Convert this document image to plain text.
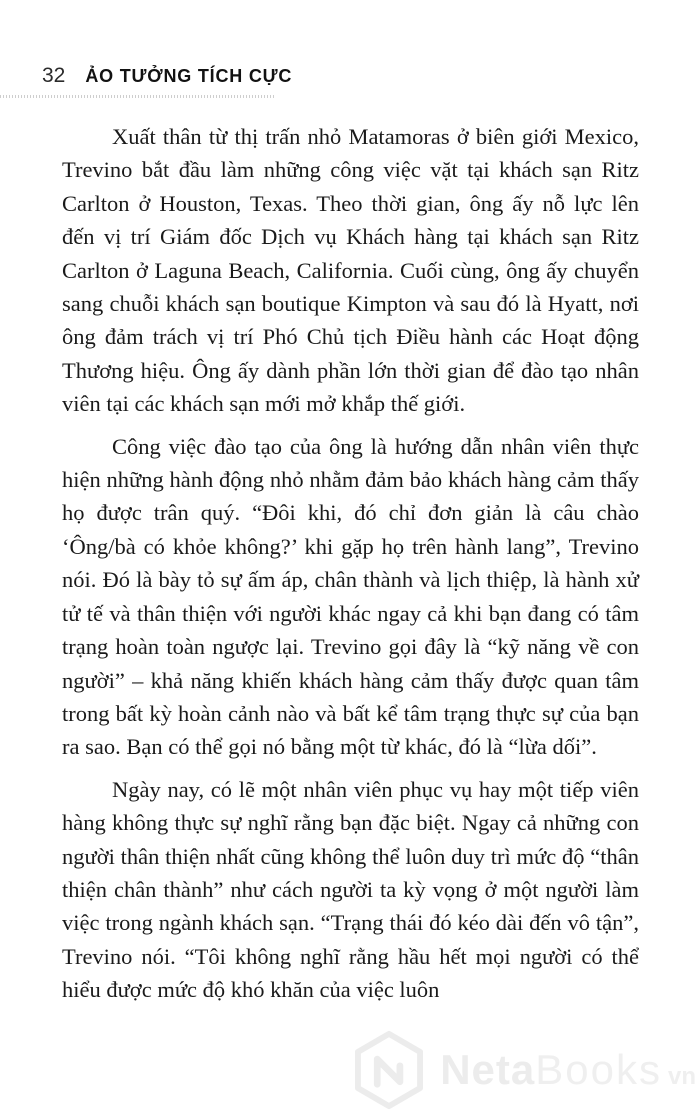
32 ẢO TƯỞNG TÍCH CỰC

Xuất thân từ thị trấn nhỏ Matamoras ở biên giới Mexico, Trevino bắt đầu làm những công việc vặt tại khách sạn Ritz Carlton ở Houston, Texas. Theo thời gian, ông ấy nỗ lực lên đến vị trí Giám đốc Dịch vụ Khách hàng tại khách sạn Ritz Carlton ở Laguna Beach, California. Cuối cùng, ông ấy chuyển sang chuỗi khách sạn boutique Kimpton và sau đó là Hyatt, nơi ông đảm trách vị trí Phó Chủ tịch Điều hành các Hoạt động Thương hiệu. Ông ấy dành phần lớn thời gian để đào tạo nhân viên tại các khách sạn mới mở khắp thế giới.

Công việc đào tạo của ông là hướng dẫn nhân viên thực hiện những hành động nhỏ nhằm đảm bảo khách hàng cảm thấy họ được trân quý. “Đôi khi, đó chỉ đơn giản là câu chào ‘Ông/bà có khỏe không?’ khi gặp họ trên hành lang”, Trevino nói. Đó là bày tỏ sự ấm áp, chân thành và lịch thiệp, là hành xử tử tế và thân thiện với người khác ngay cả khi bạn đang có tâm trạng hoàn toàn ngược lại. Trevino gọi đây là “kỹ năng về con người” – khả năng khiến khách hàng cảm thấy được quan tâm trong bất kỳ hoàn cảnh nào và bất kể tâm trạng thực sự của bạn ra sao. Bạn có thể gọi nó bằng một từ khác, đó là “lừa dối”.

Ngày nay, có lẽ một nhân viên phục vụ hay một tiếp viên hàng không thực sự nghĩ rằng bạn đặc biệt. Ngay cả những con người thân thiện nhất cũng không thể luôn duy trì mức độ “thân thiện chân thành” như cách người ta kỳ vọng ở một người làm việc trong ngành khách sạn. “Trạng thái đó kéo dài đến vô tận”, Trevino nói. “Tôi không nghĩ rằng hầu hết mọi người có thể hiểu được mức độ khó khăn của việc luôn

Neta Books vn
